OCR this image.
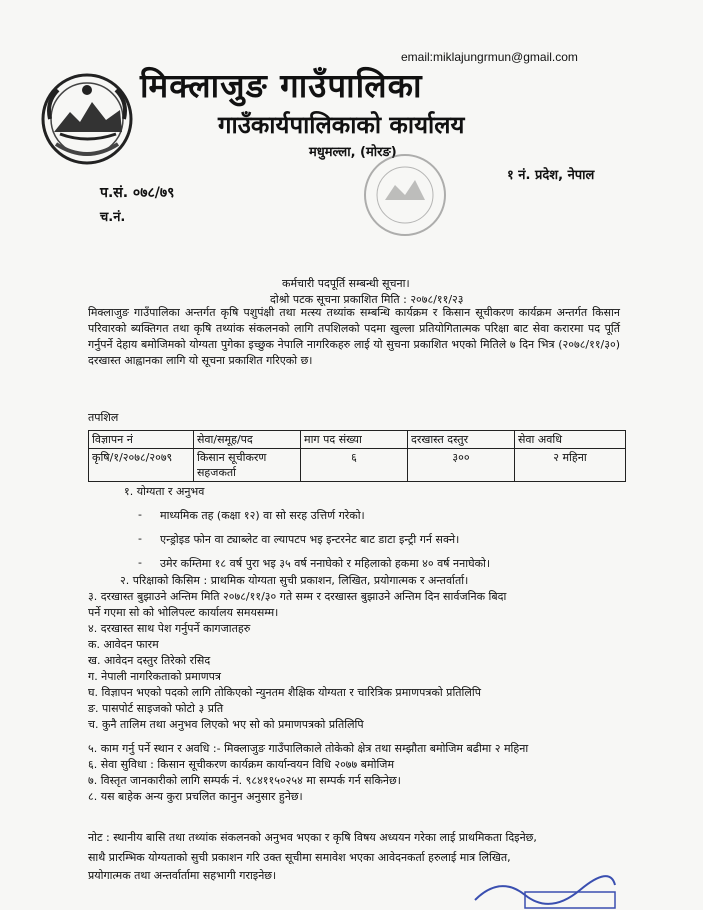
email:miklajungrmun@gmail.com
मिक्लाजुङ गाउँपालिका
गाउँकार्यपालिकाको कार्यालय
मधुमल्ला, (मोरङ)
१ नं. प्रदेश, नेपाल
प.सं. ०७८/७९
च.नं.
कर्मचारी पदपूर्ति सम्बन्धी सूचना।
दोश्रो पटक सूचना प्रकाशित मिति : २०७८/११/२३
मिक्लाजुङ गाउँपालिका अन्तर्गत कृषि पशुपंक्षी तथा मत्स्य तथ्यांक सम्बन्धि कार्यक्रम र किसान सूचीकरण कार्यक्रम अन्तर्गत किसान परिवारको ब्यक्तिगत तथा कृषि तथ्यांक संकलनको लागि तपशिलको पदमा खुल्ला प्रतियोगितात्मक परिक्षा बाट सेवा करारमा पद पूर्ति गर्नुपर्ने देहाय बमोजिमको योग्यता पुगेका इच्छुक नेपालि नागरिकहरु लाई यो सुचना प्रकाशित भएको मितिले ७ दिन भित्र (२०७८/११/३०) दरखास्त आह्वानका लागि यो सूचना प्रकाशित गरिएको छ।
तपशिल
विज्ञापन नं	सेवा/समूह/पद	माग पद संख्या	दरखास्त दस्तुर	सेवा अवधि
कृषि/१/२०७८/२०७९	किसान सूचीकरण सहजकर्ता	६	३००	२ महिना
१. योग्यता र अनुभव
- माध्यमिक तह (कक्षा १२) वा सो सरह उत्तिर्ण गरेको।
- एन्ड्रोइड फोन वा ट्याब्लेट वा ल्यापटप भइ इन्टरनेट बाट डाटा इन्ट्री गर्न सक्ने।
- उमेर कम्तिमा १८ वर्ष पुरा भइ ३५ वर्ष ननाघेको र महिलाको हकमा ४० वर्ष ननाघेको।
२. परिक्षाको किसिम : प्राथमिक योग्यता सुची प्रकाशन, लिखित, प्रयोगात्मक र अन्तर्वार्ता।
३. दरखास्त बुझाउने अन्तिम मिति २०७८/११/३० गते सम्म र दरखास्त बुझाउने अन्तिम दिन सार्वजनिक बिदा
पर्ने गएमा सो को भोलिपल्ट कार्यालय समयसम्म।
४. दरखास्त साथ पेश गर्नुपर्ने कागजातहरु
क. आवेदन फारम
ख. आवेदन दस्तुर तिरेको रसिद
ग. नेपाली नागरिकताको प्रमाणपत्र
घ. विज्ञापन भएको पदको लागि तोकिएको न्युनतम शैक्षिक योग्यता र चारित्रिक प्रमाणपत्रको प्रतिलिपि
ङ. पासपोर्ट साइजको फोटो ३ प्रति
च. कुनै तालिम तथा अनुभव लिएको भए सो को प्रमाणपत्रको प्रतिलिपि
५. काम गर्नु पर्ने स्थान र अवधि :- मिक्लाजुङ गाउँपालिकाले तोकेको क्षेत्र तथा सम्झौता बमोजिम बढीमा २ महिना
६. सेवा सुविधा : किसान सूचीकरण कार्यक्रम कार्यान्वयन विधि २०७७ बमोजिम
७. विस्तृत जानकारीको लागि सम्पर्क नं. ९८४११५०२५४ मा सम्पर्क गर्न सकिनेछ।
८. यस बाहेक अन्य कुरा प्रचलित कानुन अनुसार हुनेछ।
नोट : स्थानीय बासि तथा तथ्यांक संकलनको अनुभव भएका र कृषि विषय अध्ययन गरेका लाई प्राथमिकता दिइनेछ,
साथै प्रारम्भिक योग्यताको सुची प्रकाशन गरि उक्त सूचीमा समावेश भएका आवेदनकर्ता हरुलाई मात्र लिखित,
प्रयोगात्मक तथा अन्तर्वार्तामा सहभागी गराइनेछ।
